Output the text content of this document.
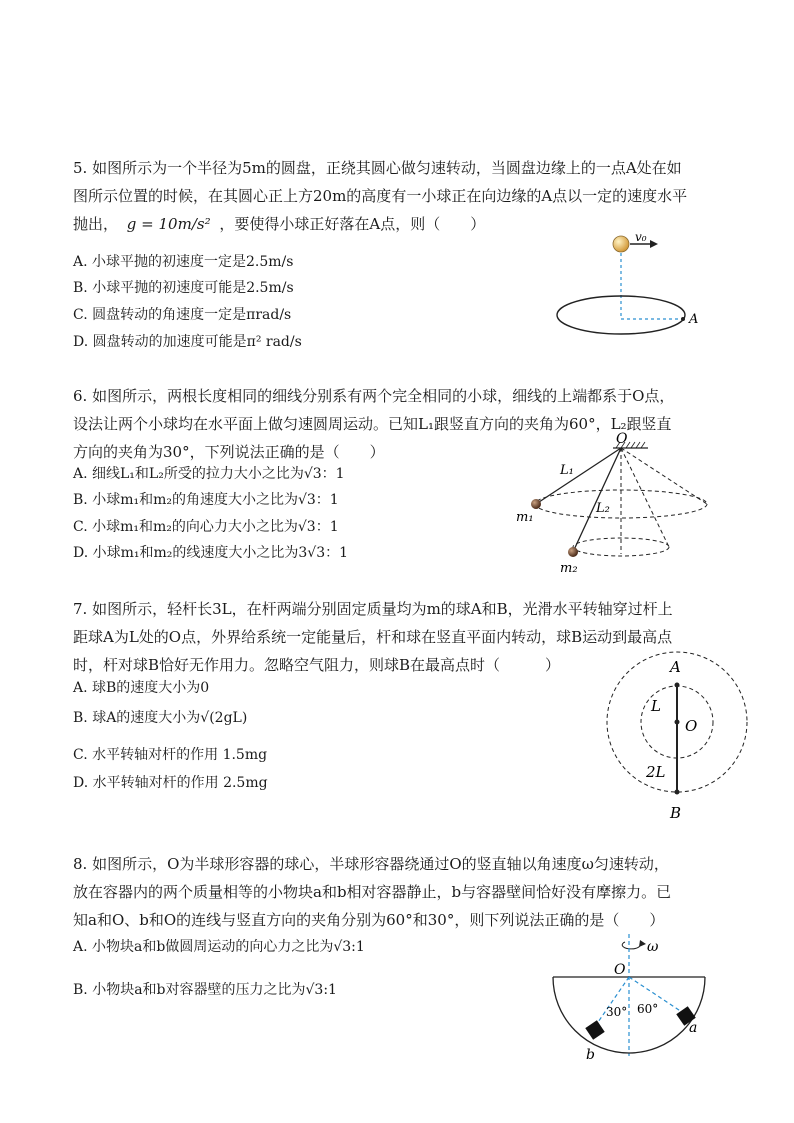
5. 如图所示为一个半径为5m的圆盘，正绕其圆心做匀速转动，当圆盘边缘上的一点A处在如
图所示位置的时候，在其圆心正上方20m的高度有一小球正在向边缘的A点以一定的速度水平
抛出， g = 10m/s² ，要使得小球正好落在A点，则（　　）
A. 小球平抛的初速度一定是2.5m/s
B. 小球平抛的初速度可能是2.5m/s
C. 圆盘转动的角速度一定是πrad/s
D. 圆盘转动的加速度可能是π² rad/s
v₀
A
6. 如图所示，两根长度相同的细线分别系有两个完全相同的小球，细线的上端都系于O点，
设法让两个小球均在水平面上做匀速圆周运动。已知L₁跟竖直方向的夹角为60°，L₂跟竖直
方向的夹角为30°，下列说法正确的是（　　）
A. 细线L₁和L₂所受的拉力大小之比为√3：1
B. 小球m₁和m₂的角速度大小之比为√3：1
C. 小球m₁和m₂的向心力大小之比为√3：1
D. 小球m₁和m₂的线速度大小之比为3√3：1
O
L₁
L₂
m₁
m₂
7. 如图所示，轻杆长3L，在杆两端分别固定质量均为m的球A和B，光滑水平转轴穿过杆上
距球A为L处的O点，外界给系统一定能量后，杆和球在竖直平面内转动，球B运动到最高点
时，杆对球B恰好无作用力。忽略空气阻力，则球B在最高点时（　　　）
A. 球B的速度大小为0
B. 球A的速度大小为√(2gL)
C. 水平转轴对杆的作用 1.5mg
D. 水平转轴对杆的作用 2.5mg
A
O
L
2L
B
8. 如图所示，O为半球形容器的球心，半球形容器绕通过O的竖直轴以角速度ω匀速转动，
放在容器内的两个质量相等的小物块a和b相对容器静止，b与容器壁间恰好没有摩擦力。已
知a和O、b和O的连线与竖直方向的夹角分别为60°和30°，则下列说法正确的是（　　）
A. 小物块a和b做圆周运动的向心力之比为√3:1
B. 小物块a和b对容器壁的压力之比为√3:1
ω
O
30° 60°
a
b
